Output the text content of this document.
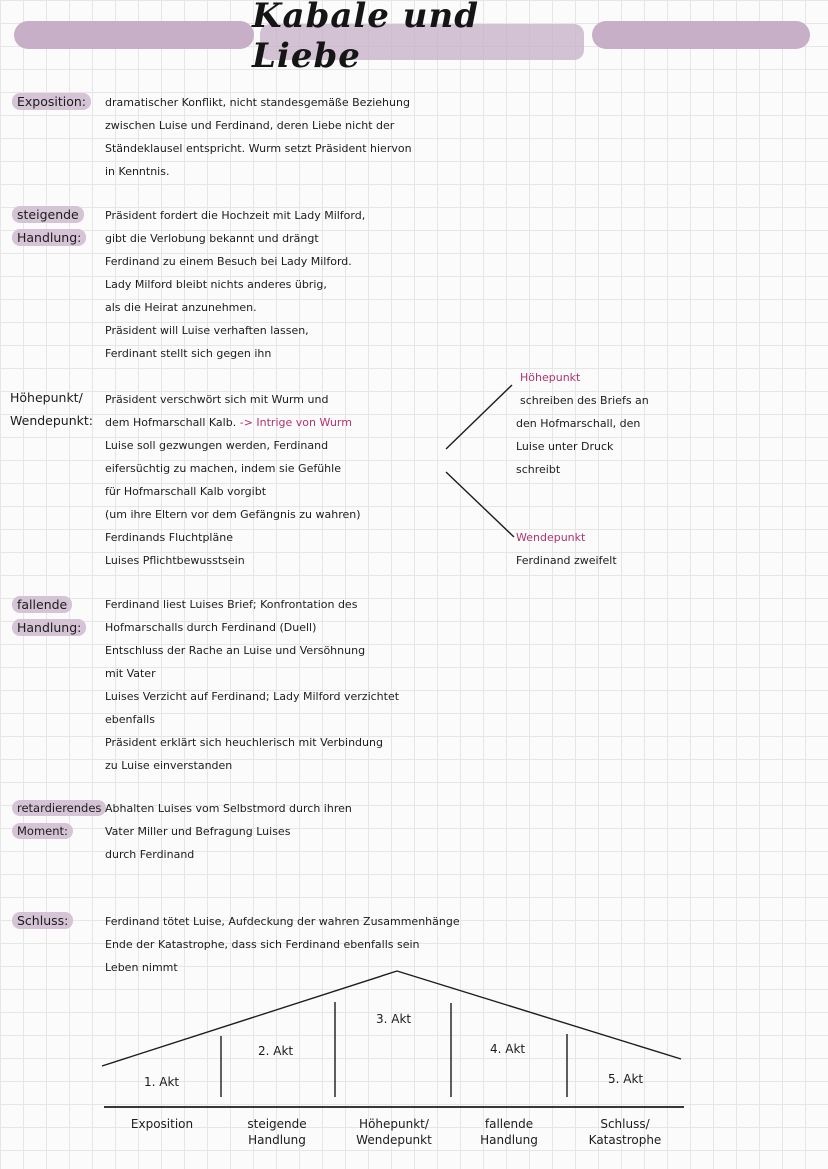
Kabale und Liebe
Exposition:	dramatischer Konflikt, nicht standesgemäße Beziehung
zwischen Luise und Ferdinand, deren Liebe nicht der
Ständeklausel entspricht. Wurm setzt Präsident hiervon
in Kenntnis.
steigende
Handlung:
Präsident fordert die Hochzeit mit Lady Milford,
gibt die Verlobung bekannt und drängt
Ferdinand zu einem Besuch bei Lady Milford.
Lady Milford bleibt nichts anderes übrig,
als die Heirat anzunehmen.
Präsident will Luise verhaften lassen,
Ferdinant stellt sich gegen ihn
Höhepunkt/
Wendepunkt:
Präsident verschwört sich mit Wurm und
dem Hofmarschall Kalb. -> Intrige von Wurm
Luise soll gezwungen werden, Ferdinand
eifersüchtig zu machen, indem sie Gefühle
für Hofmarschall Kalb vorgibt
(um ihre Eltern vor dem Gefängnis zu wahren)
Ferdinands Fluchtpläne
Luises Pflichtbewusstsein
Höhepunkt
schreiben des Briefs an
den Hofmarschall, den
Luise unter Druck
schreibt
Wendepunkt
Ferdinand zweifelt
fallende
Handlung:
Ferdinand liest Luises Brief; Konfrontation des
Hofmarschalls durch Ferdinand (Duell)
Entschluss der Rache an Luise und Versöhnung
mit Vater
Luises Verzicht auf Ferdinand; Lady Milford verzichtet
ebenfalls
Präsident erklärt sich heuchlerisch mit Verbindung
zu Luise einverstanden
retardierendes
Moment:
Abhalten Luises vom Selbstmord durch ihren
Vater Miller und Befragung Luises
durch Ferdinand
Schluss:	Ferdinand tötet Luise, Aufdeckung der wahren Zusammenhänge
Ende der Katastrophe, dass sich Ferdinand ebenfalls sein
Leben nimmt
1. Akt
2. Akt
3. Akt
4. Akt
5. Akt
Exposition	steigende
Handlung
Höhepunkt/
Wendepunkt
fallende
Handlung
Schluss/
Katastrophe
